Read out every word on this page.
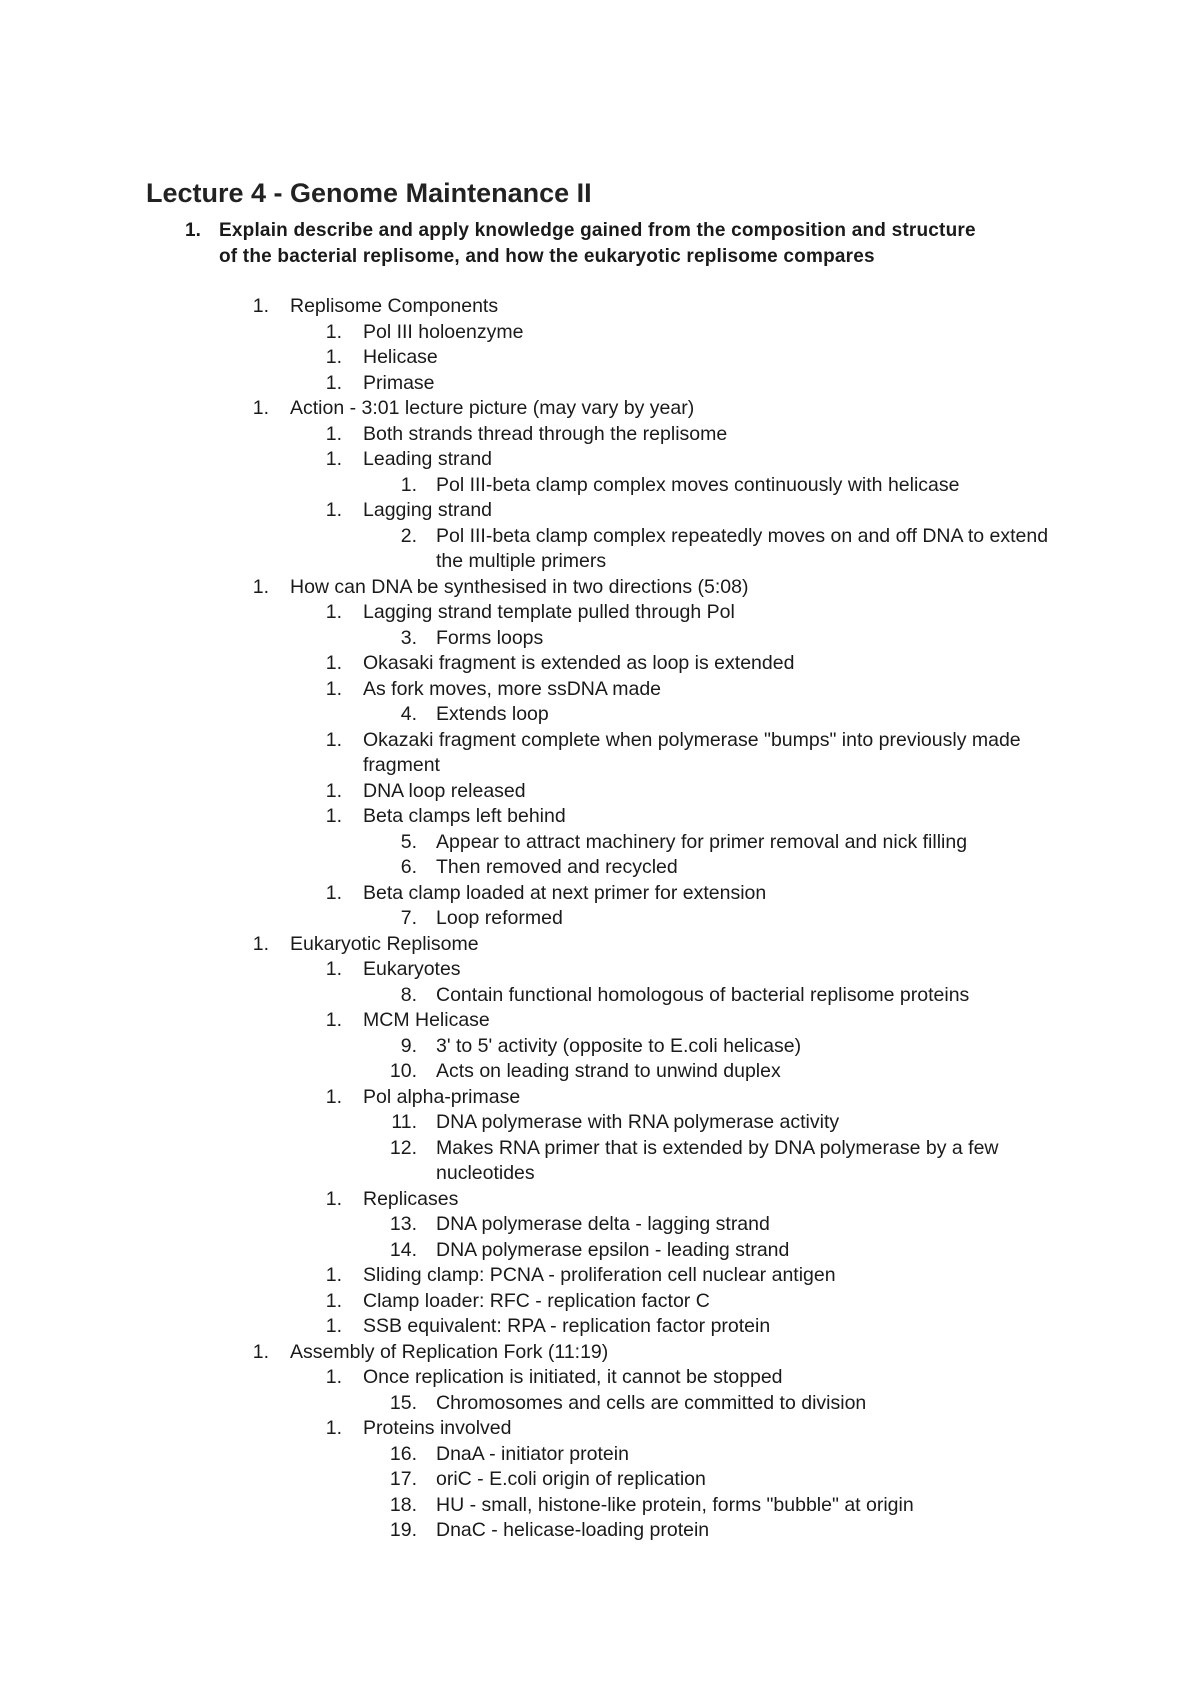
Lecture 4 - Genome Maintenance II
1. Explain describe and apply knowledge gained from the composition and structure of the bacterial replisome, and how the eukaryotic replisome compares
1. Replisome Components
1. Pol III holoenzyme
1. Helicase
1. Primase
1. Action - 3:01 lecture picture (may vary by year)
1. Both strands thread through the replisome
1. Leading strand
1. Pol III-beta clamp complex moves continuously with helicase
1. Lagging strand
2. Pol III-beta clamp complex repeatedly moves on and off DNA to extend the multiple primers
1. How can DNA be synthesised in two directions (5:08)
1. Lagging strand template pulled through Pol
3. Forms loops
1. Okasaki fragment is extended as loop is extended
1. As fork moves, more ssDNA made
4. Extends loop
1. Okazaki fragment complete when polymerase "bumps" into previously made fragment
1. DNA loop released
1. Beta clamps left behind
5. Appear to attract machinery for primer removal and nick filling
6. Then removed and recycled
1. Beta clamp loaded at next primer for extension
7. Loop reformed
1. Eukaryotic Replisome
1. Eukaryotes
8. Contain functional homologous of bacterial replisome proteins
1. MCM Helicase
9. 3' to 5' activity (opposite to E.coli helicase)
10. Acts on leading strand to unwind duplex
1. Pol alpha-primase
11. DNA polymerase with RNA polymerase activity
12. Makes RNA primer that is extended by DNA polymerase by a few nucleotides
1. Replicases
13. DNA polymerase delta - lagging strand
14. DNA polymerase epsilon - leading strand
1. Sliding clamp: PCNA - proliferation cell nuclear antigen
1. Clamp loader: RFC - replication factor C
1. SSB equivalent: RPA - replication factor protein
1. Assembly of Replication Fork (11:19)
1. Once replication is initiated, it cannot be stopped
15. Chromosomes and cells are committed to division
1. Proteins involved
16. DnaA - initiator protein
17. oriC - E.coli origin of replication
18. HU - small, histone-like protein, forms "bubble" at origin
19. DnaC - helicase-loading protein
